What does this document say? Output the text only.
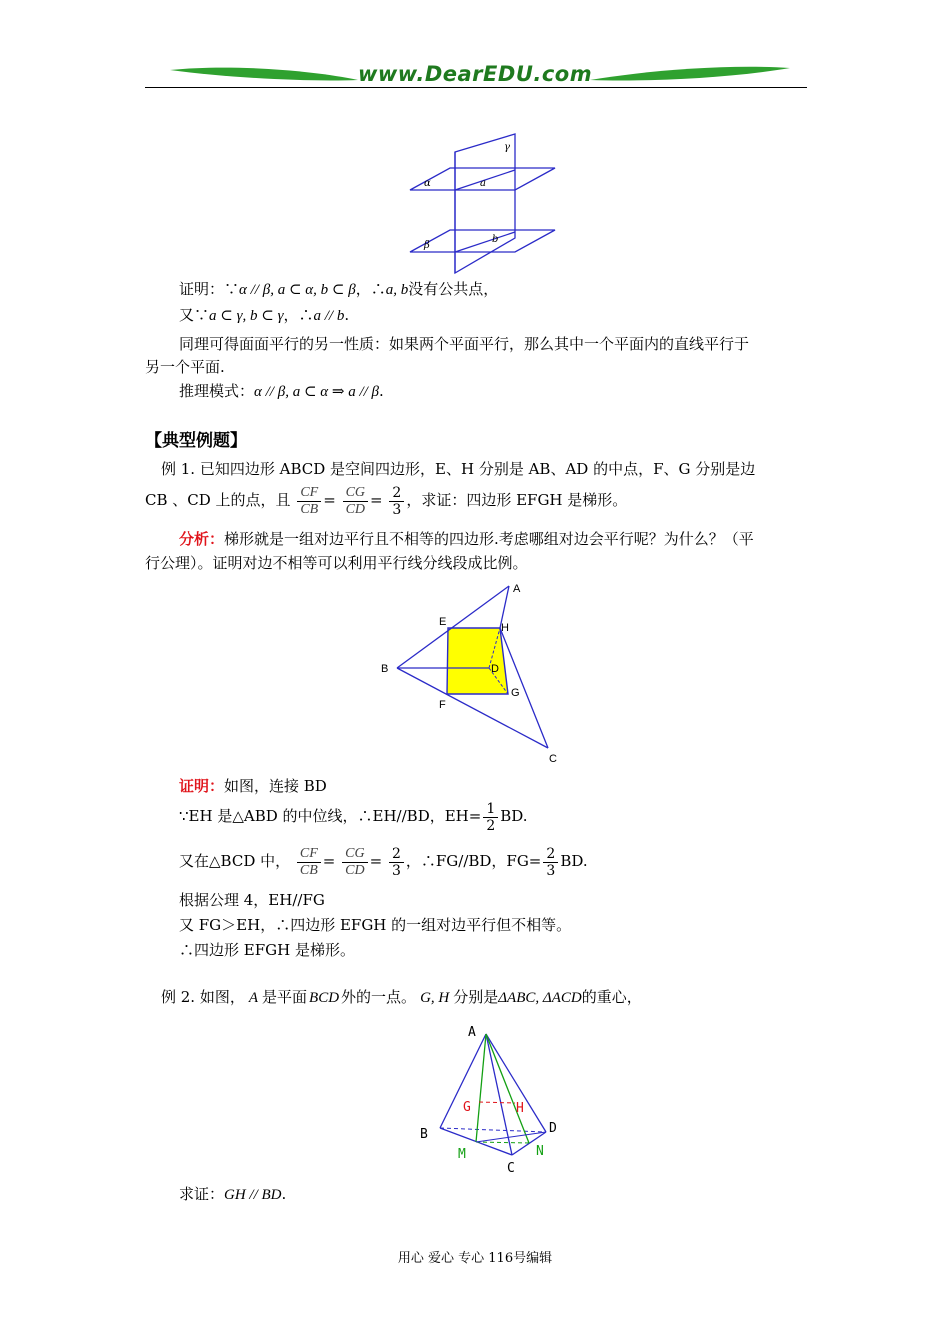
www.DearEDU.com
γ
α	a
β
b
证明：∵α // β, a ⊂ α, b ⊂ β，∴a, b没有公共点，
又∵a ⊂ γ, b ⊂ γ，∴a // b.
同理可得面面平行的另一性质：如果两个平面平行，那么其中一个平面内的直线平行于
另一个平面.
推理模式：α // β, a ⊂ α ⇒ a // β.
【典型例题】
例 1. 已知四边形 ABCD 是空间四边形，E、H 分别是 AB、AD 的中点，F、G 分别是边
CB 、CD 上的点，且 $\frac{CF}{CB} = \frac{CG}{CD} = \frac{2}{3}$ ，求证：四边形 EFGH 是梯形。
分析：梯形就是一组对边平行且不相等的四边形.考虑哪组对边会平行呢？为什么？（平
行公理）。证明对边不相等可以利用平行线分线段成比例。
A
E	H
B	D
G
F
C
证明：如图，连接 BD
∵EH 是△ABD 的中位线，∴EH//BD，$EH= \frac{1}{2}$ BD.
又在△BCD 中， $\frac{CF}{CB} = \frac{CG}{CD} = \frac{2}{3}$ ，∴FG//BD，$FG= \frac{2}{3}$ BD.
根据公理 4，EH//FG
又 FG＞EH，∴四边形 EFGH 的一组对边平行但不相等。
∴四边形 EFGH 是梯形。
例 2. 如图， A 是平面 BCD 外的一点。 G, H 分别是ΔABC, ΔACD的重心，
A
G	H
B	D
M	N
C
求证：GH // BD.
用心 爱心 专心 116号编辑
